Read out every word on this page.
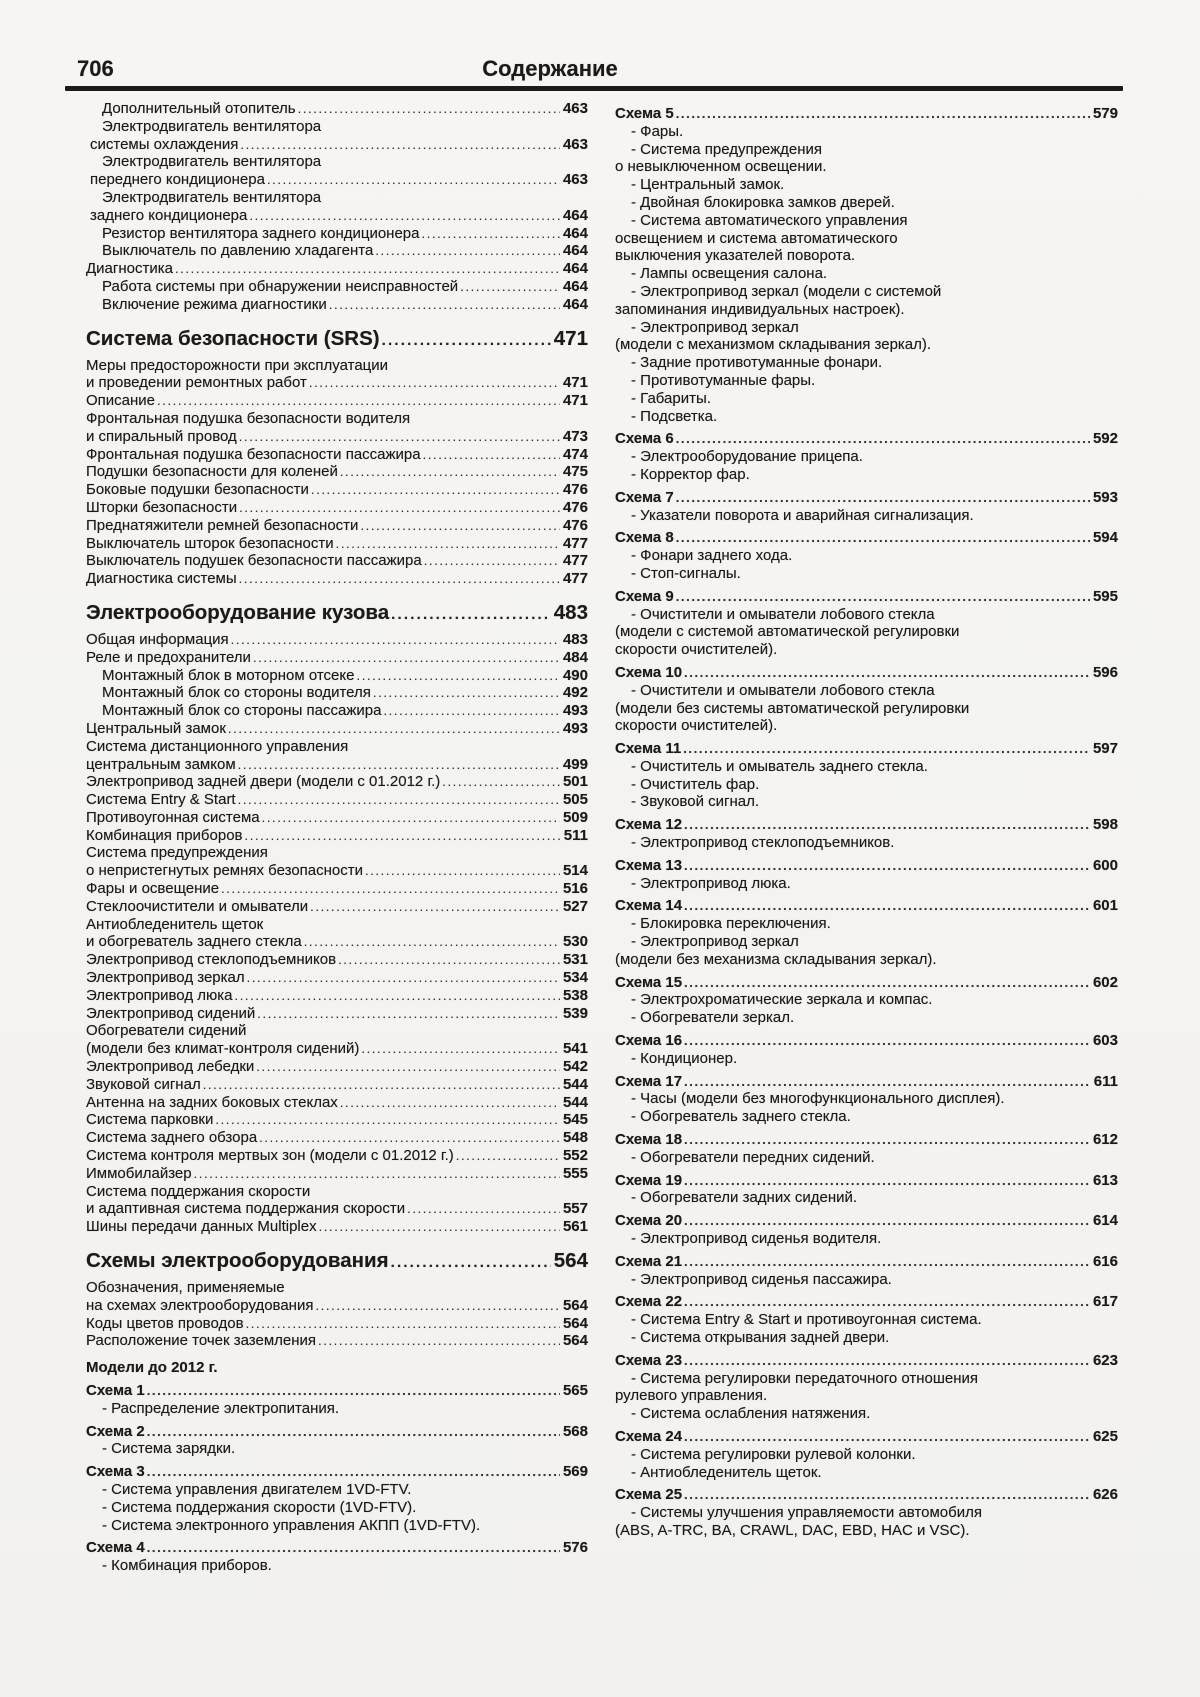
706	Содержание
Дополнительный отопитель .....	463
Электродвигатель вентилятора
системы охлаждения .....	463
Электродвигатель вентилятора
переднего кондиционера .....	463
Электродвигатель вентилятора
заднего кондиционера .....	464
Резистор вентилятора заднего кондиционера .....	464
Выключатель по давлению хладагента .....	464
Диагностика .....	464
Работа системы при обнаружении неисправностей .....	464
Включение режима диагностики .....	464
Система безопасности (SRS) .....	471
Меры предосторожности при эксплуатации
и проведении ремонтных работ .....	471
Описание .....	471
Фронтальная подушка безопасности водителя
и спиральный провод .....	473
Фронтальная подушка безопасности пассажира .....	474
Подушки безопасности для коленей .....	475
Боковые подушки безопасности .....	476
Шторки безопасности .....	476
Преднатяжители ремней безопасности .....	476
Выключатель шторок безопасности .....	477
Выключатель подушек безопасности пассажира .....	477
Диагностика системы .....	477
Электрооборудование кузова .....	483
Общая информация .....	483
Реле и предохранители .....	484
Монтажный блок в моторном отсеке .....	490
Монтажный блок со стороны водителя .....	492
Монтажный блок со стороны пассажира .....	493
Центральный замок .....	493
Система дистанционного управления
центральным замком .....	499
Электропривод задней двери (модели с 01.2012 г.) .....	501
Система Entry & Start .....	505
Противоугонная система .....	509
Комбинация приборов .....	511
Система предупреждения
о непристегнутых ремнях безопасности .....	514
Фары и освещение .....	516
Стеклоочистители и омыватели .....	527
Антиобледенитель щеток
и обогреватель заднего стекла .....	530
Электропривод стеклоподъемников .....	531
Электропривод зеркал .....	534
Электропривод люка .....	538
Электропривод сидений .....	539
Обогреватели сидений
(модели без климат-контроля сидений) .....	541
Электропривод лебедки .....	542
Звуковой сигнал .....	544
Антенна на задних боковых стеклах .....	544
Система парковки .....	545
Система заднего обзора .....	548
Система контроля мертвых зон (модели с 01.2012 г.) .....	552
Иммобилайзер .....	555
Система поддержания скорости
и адаптивная система поддержания скорости .....	557
Шины передачи данных Multiplex .....	561
Схемы электрооборудования .....	564
Обозначения, применяемые
на схемах электрооборудования .....	564
Коды цветов проводов .....	564
Расположение точек заземления .....	564
Модели до 2012 г.
Схема 1 .....	565
- Распределение электропитания.
Схема 2 .....	568
- Система зарядки.
Схема 3 .....	569
- Система управления двигателем 1VD-FTV.
- Система поддержания скорости (1VD-FTV).
- Система электронного управления АКПП (1VD-FTV).
Схема 4 .....	576
- Комбинация приборов.
Схема 5 .....	579
- Фары.
- Система предупреждения
о невыключенном освещении.
- Центральный замок.
- Двойная блокировка замков дверей.
- Система автоматического управления
освещением и система автоматического
выключения указателей поворота.
- Лампы освещения салона.
- Электропривод зеркал (модели с системой
запоминания индивидуальных настроек).
- Электропривод зеркал
(модели с механизмом складывания зеркал).
- Задние противотуманные фонари.
- Противотуманные фары.
- Габариты.
- Подсветка.
Схема 6 .....	592
- Электрооборудование прицепа.
- Корректор фар.
Схема 7 .....	593
- Указатели поворота и аварийная сигнализация.
Схема 8 .....	594
- Фонари заднего хода.
- Стоп-сигналы.
Схема 9 .....	595
- Очистители и омыватели лобового стекла
(модели с системой автоматической регулировки
скорости очистителей).
Схема 10 .....	596
- Очистители и омыватели лобового стекла
(модели без системы автоматической регулировки
скорости очистителей).
Схема 11 .....	597
- Очиститель и омыватель заднего стекла.
- Очиститель фар.
- Звуковой сигнал.
Схема 12 .....	598
- Электропривод стеклоподъемников.
Схема 13 .....	600
- Электропривод люка.
Схема 14 .....	601
- Блокировка переключения.
- Электропривод зеркал
(модели без механизма складывания зеркал).
Схема 15 .....	602
- Электрохроматические зеркала и компас.
- Обогреватели зеркал.
Схема 16 .....	603
- Кондиционер.
Схема 17 .....	611
- Часы (модели без многофункционального дисплея).
- Обогреватель заднего стекла.
Схема 18 .....	612
- Обогреватели передних сидений.
Схема 19 .....	613
- Обогреватели задних сидений.
Схема 20 .....	614
- Электропривод сиденья водителя.
Схема 21 .....	616
- Электропривод сиденья пассажира.
Схема 22 .....	617
- Система Entry & Start и противоугонная система.
- Система открывания задней двери.
Схема 23 .....	623
- Система регулировки передаточного отношения
рулевого управления.
- Система ослабления натяжения.
Схема 24 .....	625
- Система регулировки рулевой колонки.
- Антиобледенитель щеток.
Схема 25 .....	626
- Системы улучшения управляемости автомобиля
(ABS, A-TRC, BA, CRAWL, DAC, EBD, HAC и VSC).
